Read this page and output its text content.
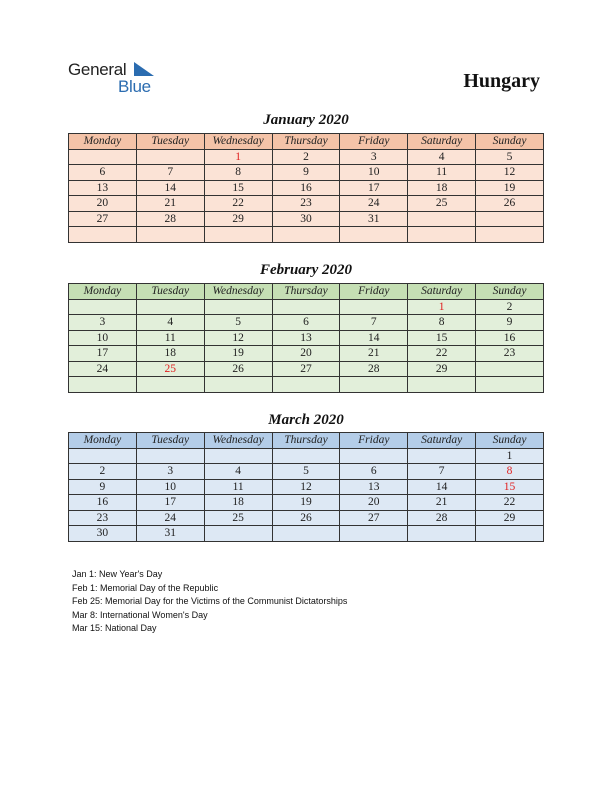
General
Blue	Hungary
January 2020
Monday	Tuesday	Wednesday	Thursday	Friday	Saturday	Sunday
		1	2	3	4	5
6	7	8	9	10	11	12
13	14	15	16	17	18	19
20	21	22	23	24	25	26
27	28	29	30	31		

February 2020
Monday	Tuesday	Wednesday	Thursday	Friday	Saturday	Sunday
					1	2
3	4	5	6	7	8	9
10	11	12	13	14	15	16
17	18	19	20	21	22	23
24	25	26	27	28	29	

March 2020
Monday	Tuesday	Wednesday	Thursday	Friday	Saturday	Sunday
						1
2	3	4	5	6	7	8
9	10	11	12	13	14	15
16	17	18	19	20	21	22
23	24	25	26	27	28	29
30	31					
Jan 1: New Year's Day
Feb 1: Memorial Day of the Republic
Feb 25: Memorial Day for the Victims of the Communist Dictatorships
Mar 8: International Women's Day
Mar 15: National Day
